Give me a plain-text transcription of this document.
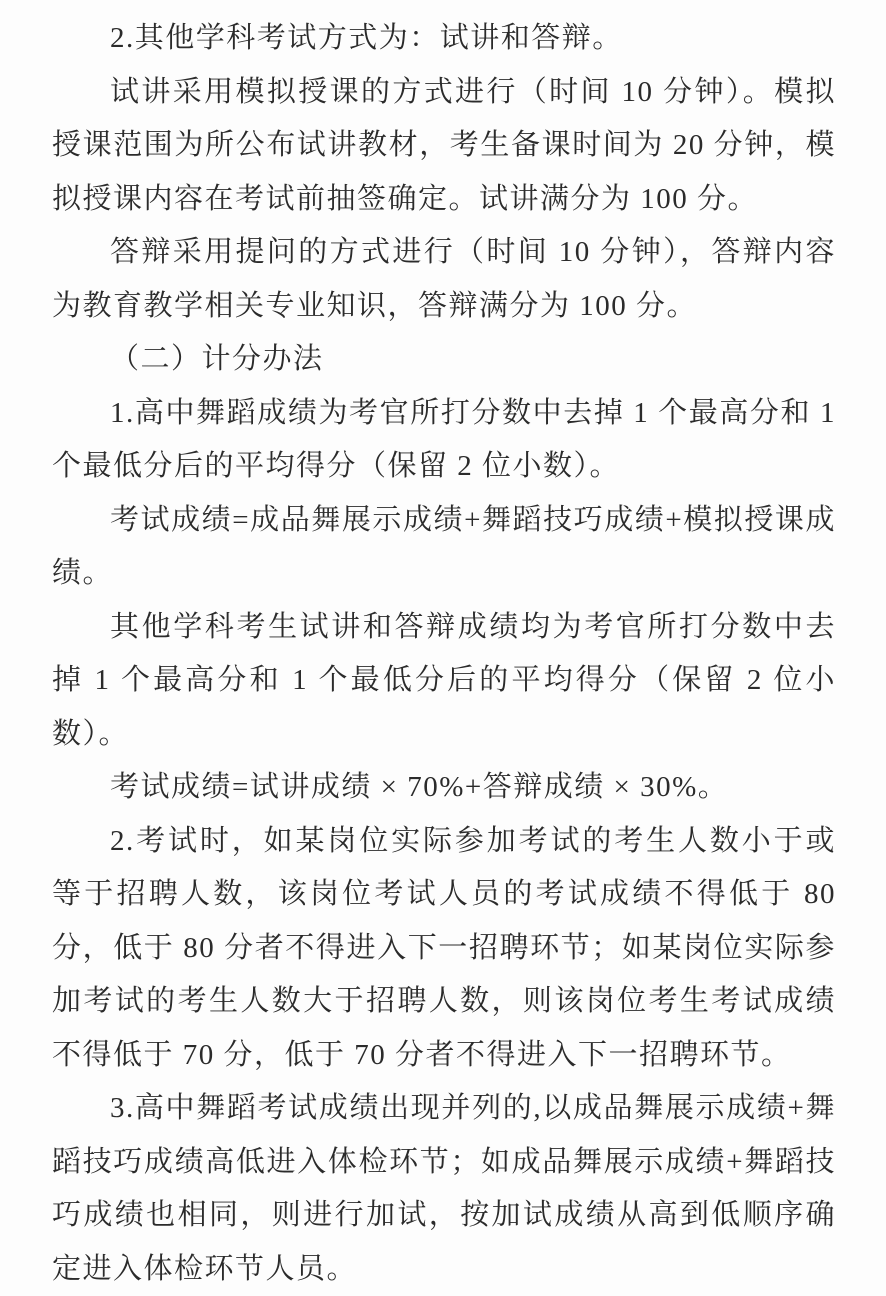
2.其他学科考试方式为：试讲和答辩。

试讲采用模拟授课的方式进行（时间 10 分钟）。模拟授课范围为所公布试讲教材，考生备课时间为 20 分钟，模拟授课内容在考试前抽签确定。试讲满分为 100 分。

答辩采用提问的方式进行（时间 10 分钟），答辩内容为教育教学相关专业知识，答辩满分为 100 分。

（二）计分办法

1.高中舞蹈成绩为考官所打分数中去掉 1 个最高分和 1 个最低分后的平均得分（保留 2 位小数）。

考试成绩=成品舞展示成绩+舞蹈技巧成绩+模拟授课成绩。

其他学科考生试讲和答辩成绩均为考官所打分数中去掉 1 个最高分和 1 个最低分后的平均得分（保留 2 位小数）。

考试成绩=试讲成绩 × 70%+答辩成绩 × 30%。

2.考试时，如某岗位实际参加考试的考生人数小于或等于招聘人数，该岗位考试人员的考试成绩不得低于 80 分，低于 80 分者不得进入下一招聘环节；如某岗位实际参加考试的考生人数大于招聘人数，则该岗位考生考试成绩不得低于 70 分，低于 70 分者不得进入下一招聘环节。

3.高中舞蹈考试成绩出现并列的,以成品舞展示成绩+舞蹈技巧成绩高低进入体检环节；如成品舞展示成绩+舞蹈技巧成绩也相同，则进行加试，按加试成绩从高到低顺序确定进入体检环节人员。
